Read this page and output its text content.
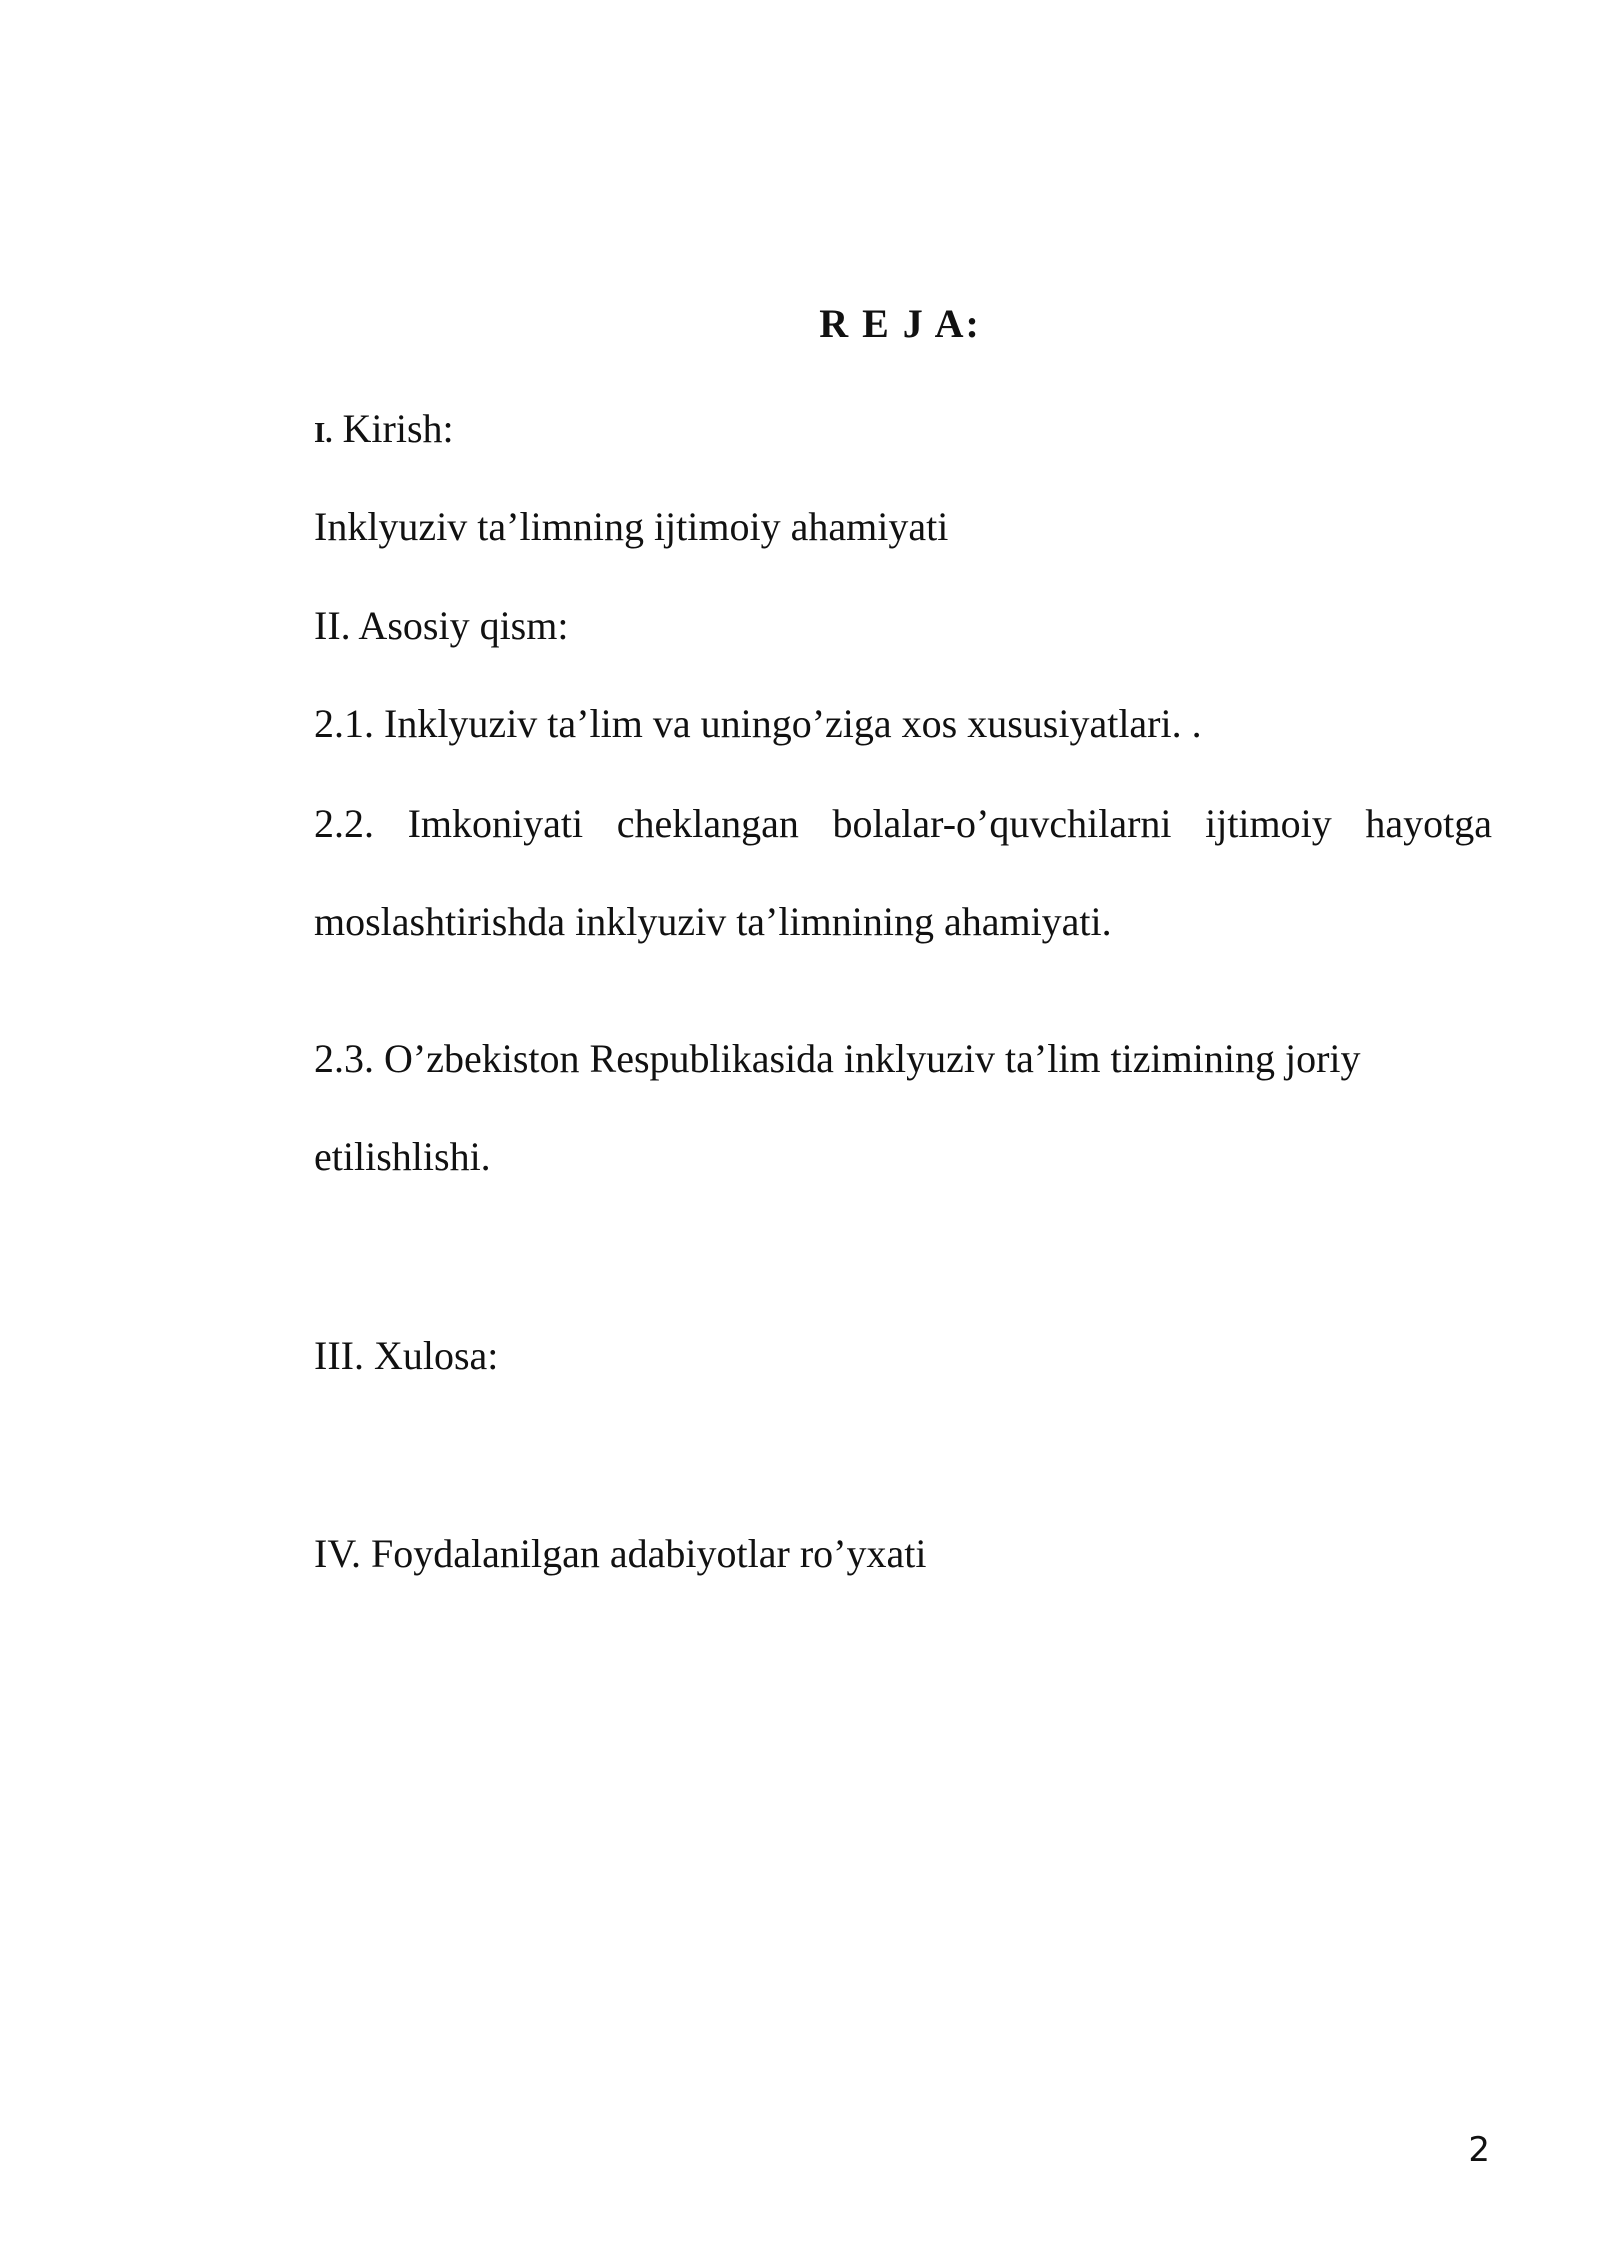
R E J A:
I. Kirish:
Inklyuziv ta’limning ijtimoiy ahamiyati
II. Asosiy qism:
2.1. Inklyuziv ta’lim va uningo’ziga xos xususiyatlari. .
2.2. Imkoniyati cheklangan bolalar-o’quvchilarni ijtimoiy hayotga
moslashtirishda inklyuziv ta’limnining ahamiyati.
2.3. O’zbekiston Respublikasida inklyuziv ta’lim tizimining joriy
etilishlishi.
III. Xulosa:
IV. Foydalanilgan adabiyotlar ro’yxati
2
